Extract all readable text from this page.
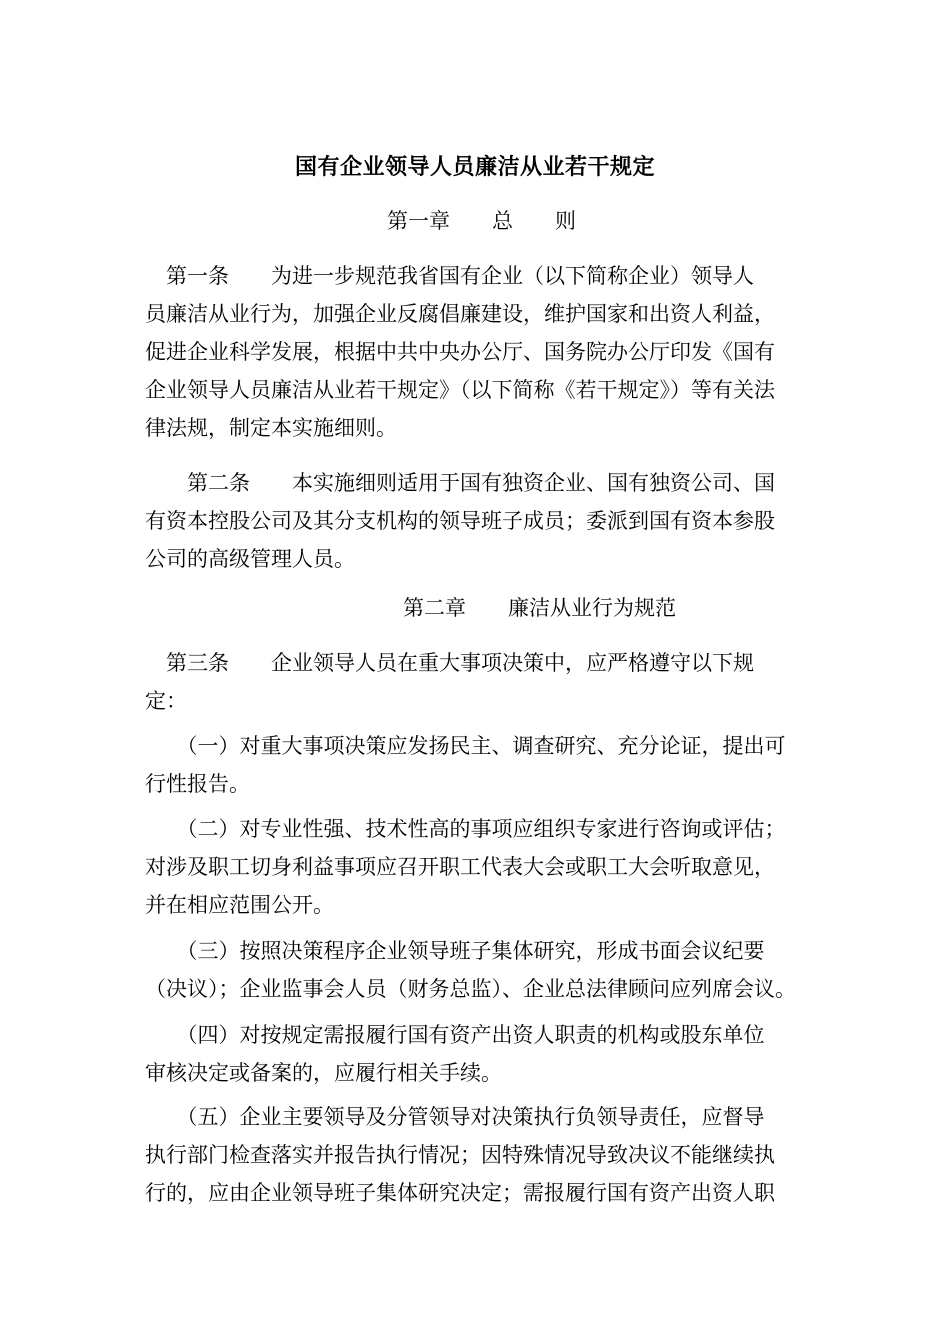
国有企业领导人员廉洁从业若干规定
第一章　　总　　则
　第一条　　为进一步规范我省国有企业（以下简称企业）领导人
员廉洁从业行为，加强企业反腐倡廉建设，维护国家和出资人利益，
促进企业科学发展，根据中共中央办公厅、国务院办公厅印发《国有
企业领导人员廉洁从业若干规定》（以下简称《若干规定》）等有关法
律法规，制定本实施细则。
　　第二条　　本实施细则适用于国有独资企业、国有独资公司、国
有资本控股公司及其分支机构的领导班子成员；委派到国有资本参股
公司的高级管理人员。
第二章　　廉洁从业行为规范
　第三条　　企业领导人员在重大事项决策中，应严格遵守以下规
定：
　　（一）对重大事项决策应发扬民主、调查研究、充分论证，提出可
行性报告。
　　（二）对专业性强、技术性高的事项应组织专家进行咨询或评估；
对涉及职工切身利益事项应召开职工代表大会或职工大会听取意见，
并在相应范围公开。
　　（三）按照决策程序企业领导班子集体研究，形成书面会议纪要
（决议）；企业监事会人员（财务总监）、企业总法律顾问应列席会议。
　　（四）对按规定需报履行国有资产出资人职责的机构或股东单位
审核决定或备案的，应履行相关手续。
　　（五）企业主要领导及分管领导对决策执行负领导责任，应督导
执行部门检查落实并报告执行情况；因特殊情况导致决议不能继续执
行的，应由企业领导班子集体研究决定；需报履行国有资产出资人职
